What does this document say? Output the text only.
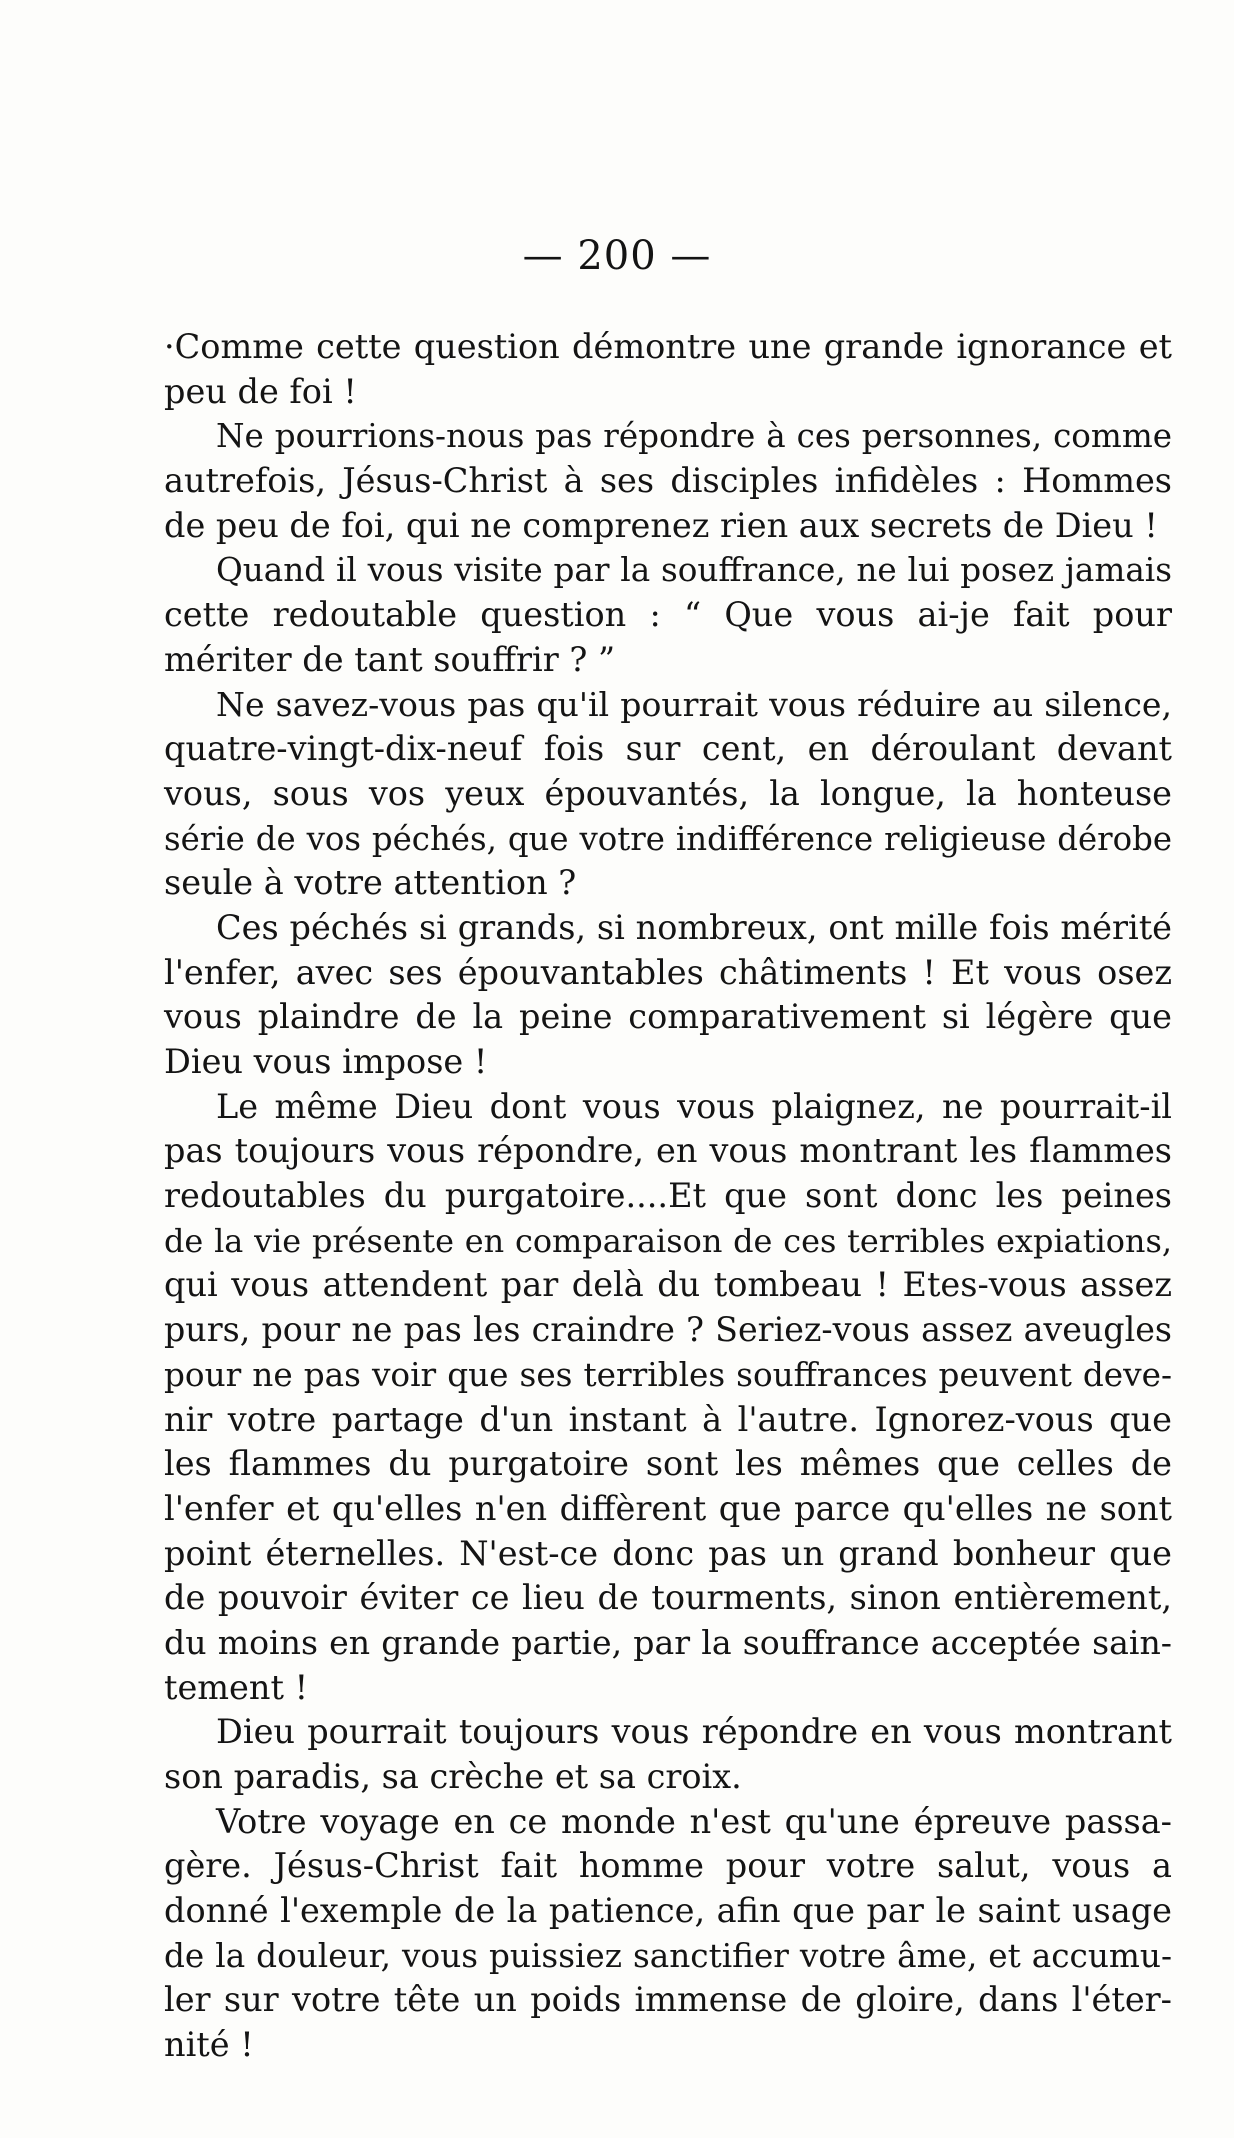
— 200 —
·Comme cette question démontre une grande ignorance et
peu de foi !
Ne pourrions-nous pas répondre à ces personnes, comme
autrefois, Jésus-Christ à ses disciples infidèles : Hommes
de peu de foi, qui ne comprenez rien aux secrets de Dieu !
Quand il vous visite par la souffrance, ne lui posez jamais
cette redoutable question : “ Que vous ai-je fait pour
mériter de tant souffrir ? ”
Ne savez-vous pas qu'il pourrait vous réduire au silence,
quatre-vingt-dix-neuf fois sur cent, en déroulant devant
vous, sous vos yeux épouvantés, la longue, la honteuse
série de vos péchés, que votre indifférence religieuse dérobe
seule à votre attention ?
Ces péchés si grands, si nombreux, ont mille fois mérité
l'enfer, avec ses épouvantables châtiments ! Et vous osez
vous plaindre de la peine comparativement si légère que
Dieu vous impose !
Le même Dieu dont vous vous plaignez, ne pourrait-il
pas toujours vous répondre, en vous montrant les flammes
redoutables du purgatoire....Et que sont donc les peines
de la vie présente en comparaison de ces terribles expiations,
qui vous attendent par delà du tombeau ! Etes-vous assez
purs, pour ne pas les craindre ? Seriez-vous assez aveugles
pour ne pas voir que ses terribles souffrances peuvent deve-
nir votre partage d'un instant à l'autre. Ignorez-vous que
les flammes du purgatoire sont les mêmes que celles de
l'enfer et qu'elles n'en diffèrent que parce qu'elles ne sont
point éternelles. N'est-ce donc pas un grand bonheur que
de pouvoir éviter ce lieu de tourments, sinon entièrement,
du moins en grande partie, par la souffrance acceptée sain-
tement !
Dieu pourrait toujours vous répondre en vous montrant
son paradis, sa crèche et sa croix.
Votre voyage en ce monde n'est qu'une épreuve passa-
gère. Jésus-Christ fait homme pour votre salut, vous a
donné l'exemple de la patience, afin que par le saint usage
de la douleur, vous puissiez sanctifier votre âme, et accumu-
ler sur votre tête un poids immense de gloire, dans l'éter-
nité !
